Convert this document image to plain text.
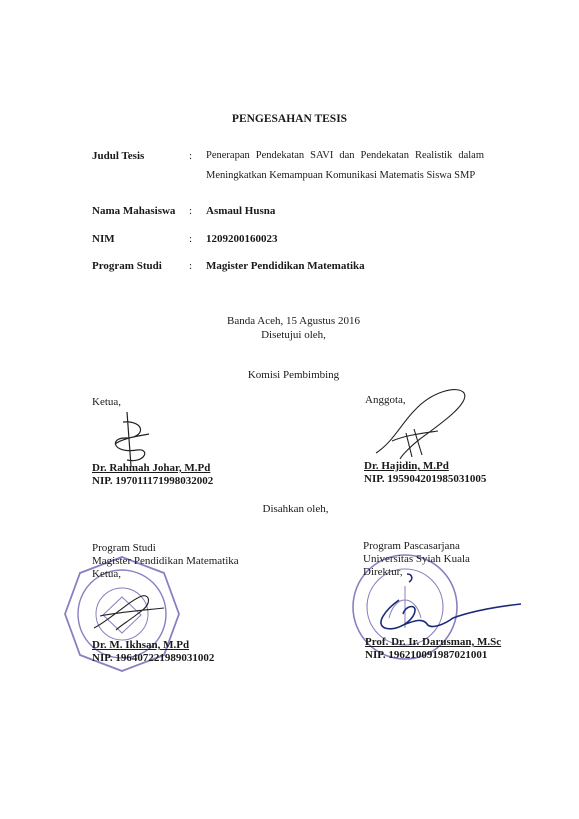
PENGESAHAN TESIS
Judul Tesis	: Penerapan Pendekatan SAVI dan Pendekatan Realistik dalam
Meningkatkan Kemampuan Komunikasi Matematis Siswa SMP
Nama Mahasiswa : Asmaul Husna
NIM	: 1209200160023
Program Studi : Magister Pendidikan Matematika
Banda Aceh, 15 Agustus 2016
Disetujui oleh,
Komisi Pembimbing
Ketua,
Dr. Rahmah Johar, M.Pd
NIP. 197011171998032002
Anggota,
Dr. Hajidin, M.Pd
NIP. 195904201985031005
Disahkan oleh,
Program Studi
Magister Pendidikan Matematika
Ketua,
Dr. M. Ikhsan, M.Pd
NIP. 196407221989031002
Program Pascasarjana
Universitas Syiah Kuala
Direktur,
Prof. Dr. Ir. Darusman, M.Sc
NIP. 196210091987021001
